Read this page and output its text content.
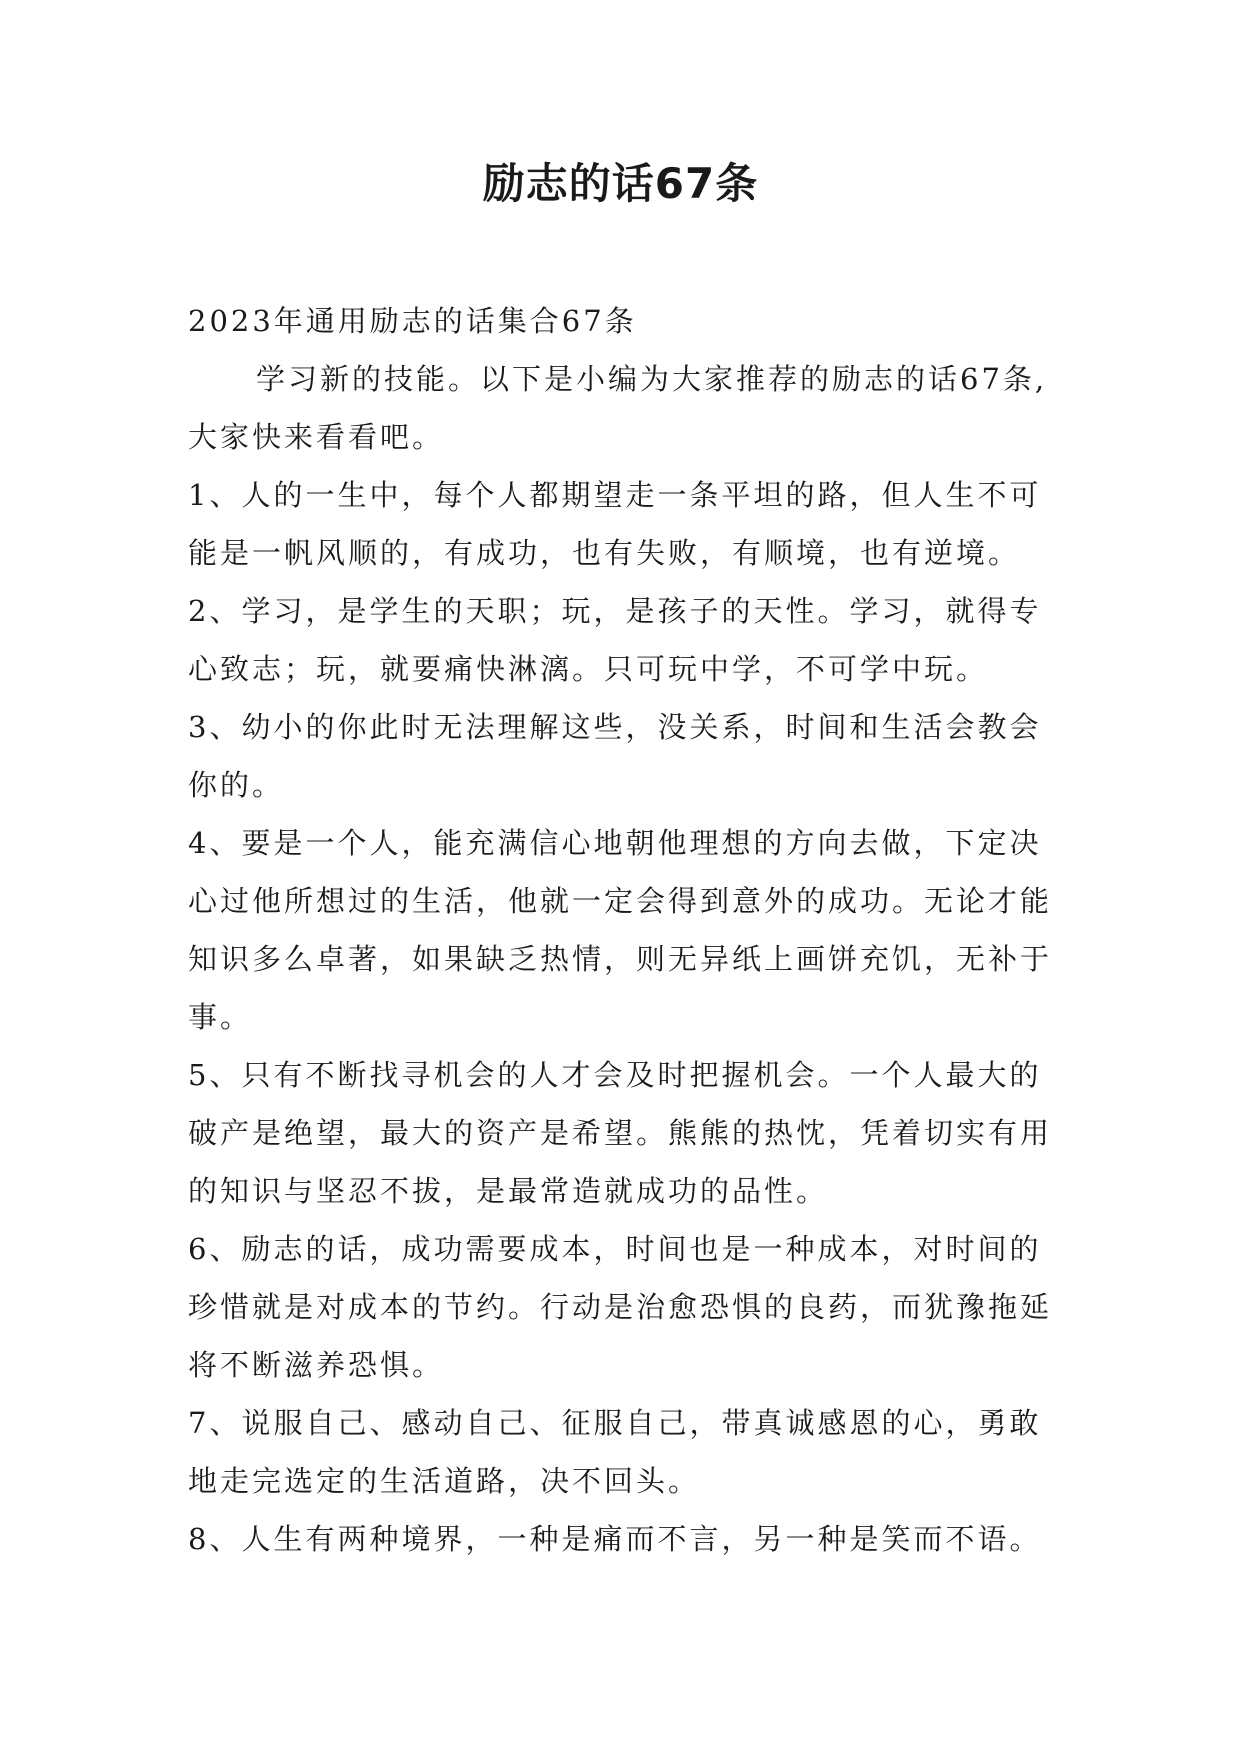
励志的话67条

2023年通用励志的话集合67条

学习新的技能。以下是小编为大家推荐的励志的话67条,大家快来看看吧。

1、人的一生中，每个人都期望走一条平坦的路，但人生不可能是一帆风顺的，有成功，也有失败，有顺境，也有逆境。

2、学习，是学生的天职；玩，是孩子的天性。学习，就得专心致志；玩，就要痛快淋漓。只可玩中学，不可学中玩。

3、幼小的你此时无法理解这些，没关系，时间和生活会教会你的。

4、要是一个人，能充满信心地朝他理想的方向去做，下定决心过他所想过的生活，他就一定会得到意外的成功。无论才能知识多么卓著，如果缺乏热情，则无异纸上画饼充饥，无补于事。

5、只有不断找寻机会的人才会及时把握机会。一个人最大的破产是绝望，最大的资产是希望。熊熊的热忱，凭着切实有用的知识与坚忍不拔，是最常造就成功的品性。

6、励志的话，成功需要成本，时间也是一种成本，对时间的珍惜就是对成本的节约。行动是治愈恐惧的良药，而犹豫拖延将不断滋养恐惧。

7、说服自己、感动自己、征服自己，带真诚感恩的心，勇敢地走完选定的生活道路，决不回头。

8、人生有两种境界，一种是痛而不言，另一种是笑而不语。
